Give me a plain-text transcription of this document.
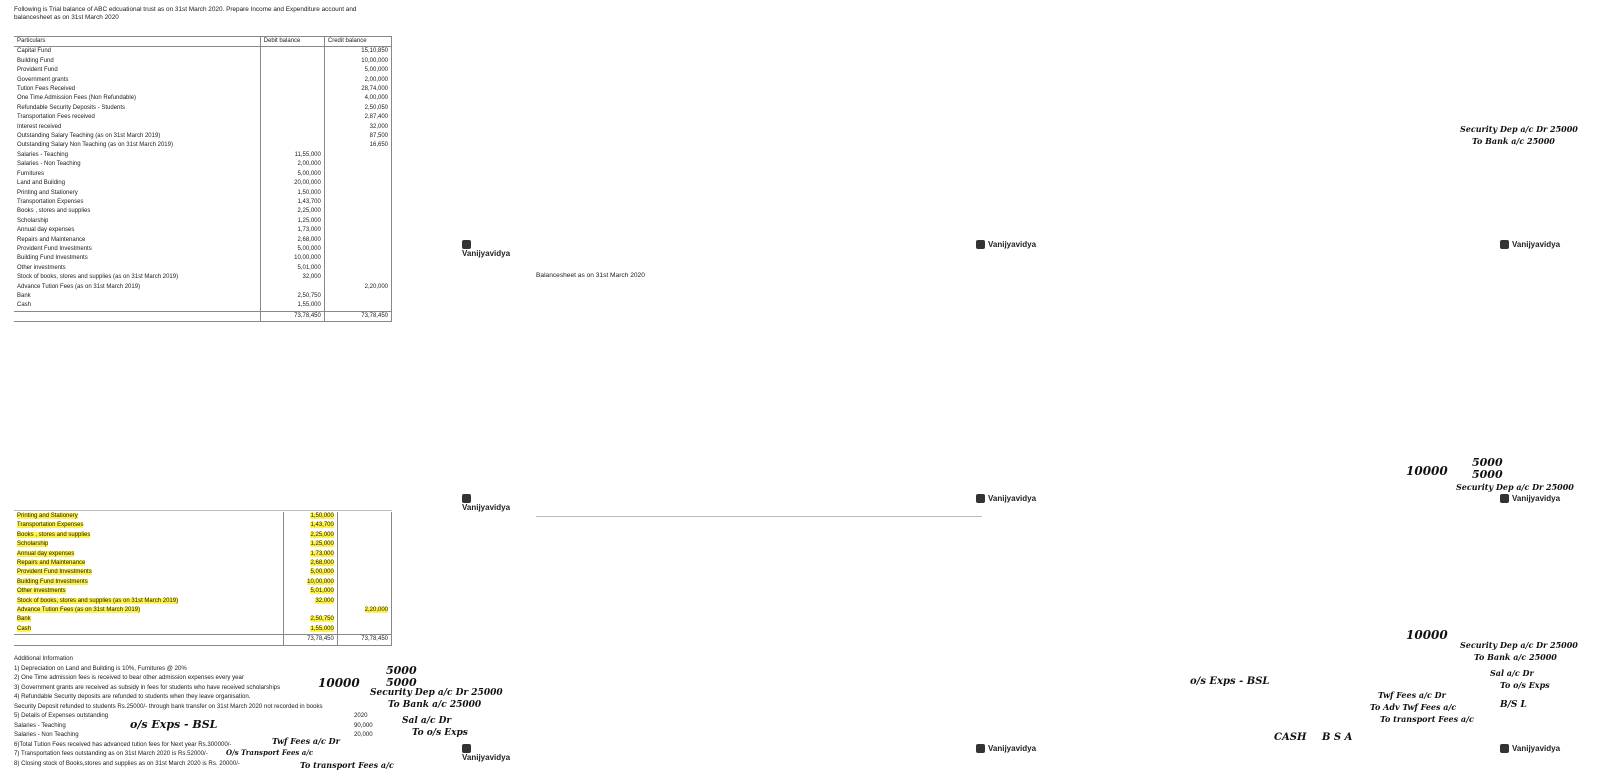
Following is Trial balance of ABC edcuational trust as on 31st March 2020. Prepare Income and Expenditure account and balancesheet as on 31st March 2020
Particulars	Debit balance	Credit balance
Capital Fund		15,10,850
Building Fund		10,00,000
Provident Fund		5,00,000
Government grants		2,00,000
Tution Fees Received		28,74,000
One Time Admission Fees (Non Refundable)		4,00,000
Refundable Security Deposits - Students		2,50,050
Transportation Fees received		2,87,400
Interest received		32,000
Outstanding Salary Teaching (as on 31st March 2019)		87,500
Outstanding Salary Non Teaching (as on 31st March 2019)		16,650
Salaries - Teaching	11,55,000	
Salaries - Non Teaching	2,00,000	
Furnitures	5,00,000	
Land and Building	20,00,000	
Printing and Stationery	1,50,000	
Transportation Expenses	1,43,700	
Books , stores and supplies	2,25,000	
Scholarship	1,25,000	
Annual day expenses	1,73,000	
Repairs and Maintenance	2,68,000	
Provident Fund Investments	5,00,000	
Building Fund Investments	10,00,000	
Other investments	5,01,000	
Stock of books, stores and supplies (as on 31st March 2019)	32,000	
Advance Tution Fees (as on 31st March 2019)		2,20,000
Bank	2,50,750	
Cash	1,55,000	
	73,78,450	73,78,450
Printing and Stationery	1,50,000	
Transportation Expenses	1,43,700	
Books , stores and supplies	2,25,000	
Scholarship	1,25,000	
Annual day expenses	1,73,000	
Repairs and Maintenance	2,68,000	
Provident Fund Investments	5,00,000	
Building Fund Investments	10,00,000	
Other investments	5,01,000	
Stock of books, stores and supplies (as on 31st March 2019)	32,000	
Advance Tution Fees (as on 31st March 2019)		2,20,000
Bank	2,50,750	
Cash	1,55,000	
	73,78,450	73,78,450
Additional Information
1) Depreciation on Land and Building is 10%, Furnitures @ 20%
2) One Time admission fees is received to bear other admission expenses every year
3) Government grants are received as subsidy in fees for students who have received scholarships
4) Refundable Security deposits are refunded to students when they leave organisation.
Security Deposit refunded to students Rs.25000/- through bank transfer on 31st March 2020 not recorded in books
5) Details of Expenses outstanding	2020
Salaries - Teaching	90,000
Salaries - Non Teaching	20,000
6)Total Tution Fees received has advanced tution fees for Next year Rs.300000/-
7) Transportation fees outstanding as on 31st March 2020 is Rs.52000/-
8) Closing stock of Books,stores and supplies as on 31st March 2020 is Rs. 20000/-
Vanijyavidya
Vanijyavidya
Vanijyavidya
10000
5000
5000
Security Dep a/c Dr 25000
To Bank a/c 25000
o/s Exps - BSL	Sal a/c Dr
To o/s Exps
Twf Fees a/c Dr
O/s Transport Fees a/c
To transport Fees a/c
Balancesheet as on 31st March 2020
Vanijyavidya
Vanijyavidya
Vanijyavidya
Security Dep a/c Dr 25000
To Bank a/c 25000
10000
5000
5000
Security Dep a/c Dr 25000
10000
Security Dep a/c Dr 25000
To Bank a/c 25000
Sal a/c Dr
To o/s Exps
o/s Exps - BSL
Twf Fees a/c Dr
To Adv Twf Fees a/c	B/S L
To transport Fees a/c
CASH B S A
Vanijyavidya
Vanijyavidya
Vanijyavidya
